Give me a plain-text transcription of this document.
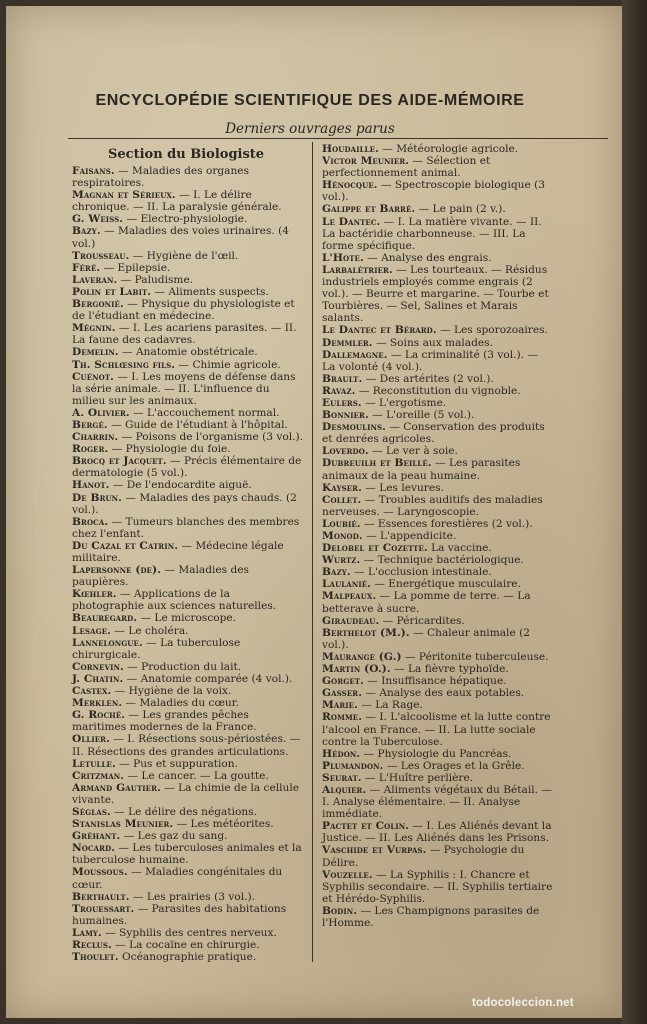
ENCYCLOPÉDIE SCIENTIFIQUE DES AIDE-MÉMOIRE
Derniers ouvrages parus
Section du Biologiste
Faisans. — Maladies des organes respiratoires.
Magnan et Sérieux. — I. Le délire chronique. — II. La paralysie générale.
G. Weiss. — Electro-physiologie.
Bazy. — Maladies des voies urinaires. (4 vol.)
Trousseau. — Hygiène de l'œil.
Féré. — Epilepsie.
Laveran. — Paludisme.
Polin et Labit. — Aliments suspects.
Bergonié. — Physique du physiologiste et de l'étudiant en médecine.
Mégnin. — I. Les acariens parasites. — II. La faune des cadavres.
Demelin. — Anatomie obstétricale.
Th. Schlœsing fils. — Chimie agricole.
Cuénot. — I. Les moyens de défense dans la série animale. — II. L'influence du milieu sur les animaux.
A. Olivier. — L'accouchement normal.
Bergé. — Guide de l'étudiant à l'hôpital.
Charrin. — Poisons de l'organisme (3 vol.).
Roger. — Physiologie du foie.
Brocq et Jacquet. — Précis élémentaire de dermatologie (5 vol.).
Hanot. — De l'endocardite aiguë.
De Brun. — Maladies des pays chauds. (2 vol.).
Broca. — Tumeurs blanches des membres chez l'enfant.
Du Cazal et Catrin. — Médecine légale militaire.
Lapersonne (de). — Maladies des paupières.
Kœhler. — Applications de la photographie aux sciences naturelles.
Beauregard. — Le microscope.
Lesage. — Le choléra.
Lannelongue. — La tuberculose chirurgicale.
Cornevin. — Production du lait.
J. Chatin. — Anatomie comparée (4 vol.).
Castex. — Hygiène de la voix.
Merklen. — Maladies du cœur.
G. Roché. — Les grandes pêches maritimes modernes de la France.
Ollier. — I. Résections sous-périostées. — II. Résections des grandes articulations.
Letulle. — Pus et suppuration.
Critzman. — Le cancer. — La goutte.
Armand Gautier. — La chimie de la cellule vivante.
Séglas. — Le délire des négations.
Stanislas Meunier. — Les météorites.
Gréhant. — Les gaz du sang.
Nocard. — Les tuberculoses animales et la tuberculose humaine.
Moussous. — Maladies congénitales du cœur.
Berthault. — Les prairies (3 vol.).
Trouessart. — Parasites des habitations humaines.
Lamy. — Syphilis des centres nerveux.
Reclus. — La cocaïne en chirurgie.
Thoulet. Océanographie pratique.
Houdaille. — Météorologie agricole.
Victor Meunier. — Sélection et perfectionnement animal.
Hénocque. — Spectroscopie biologique (3 vol.).
Galippe et Barré. — Le pain (2 v.).
Le Dantec. — I. La matière vivante. — II. La bactéridie charbonneuse. — III. La forme spécifique.
L'Hote. — Analyse des engrais.
Larbalétrier. — Les tourteaux. — Résidus industriels employés comme engrais (2 vol.). — Beurre et margarine. — Tourbe et Tourbières. — Sel, Salines et Marais salants.
Le Dantec et Bérard. — Les sporozoaires.
Demmler. — Soins aux malades.
Dallemagne. — La criminalité (3 vol.). — La volonté (4 vol.).
Brault. — Des artérites (2 vol.).
Ravaz. — Reconstitution du vignoble.
Eulers. — L'ergotisme.
Bonnier. — L'oreille (5 vol.).
Desmoulins. — Conservation des produits et denrées agricoles.
Loverdo. — Le ver à soie.
Dubreuilh et Beillé. — Les parasites animaux de la peau humaine.
Kayser. — Les levures.
Collet. — Troubles auditifs des maladies nerveuses. — Laryngoscopie.
Loubié. — Essences forestières (2 vol.).
Monod. — L'appendicite.
Delobel et Cozette. La vaccine.
Wurtz. — Technique bactériologique.
Bazy. — L'occlusion intestinale.
Laulanié. — Energétique musculaire.
Malpeaux. — La pomme de terre. — La betterave à sucre.
Giraudeau. — Péricardites.
Berthelot (M.). — Chaleur animale (2 vol.).
Maurange (G.) — Péritonite tuberculeuse.
Martin (O.). — La fièvre typhoïde.
Gorget. — Insuffisance hépatique.
Gasser. — Analyse des eaux potables.
Marie. — La Rage.
Romme. — I. L'alcoolisme et la lutte contre l'alcool en France. — II. La lutte sociale contre la Tuberculose.
Hédon. — Physiologie du Pancréas.
Plumandon. — Les Orages et la Grêle.
Seurat. — L'Huître perlière.
Alquier. — Aliments végétaux du Bétail. — I. Analyse élémentaire. — II. Analyse immédiate.
Pactet et Colin. — I. Les Aliénés devant la Justice. — II. Les Aliénés dans les Prisons.
Vaschide et Vurpas. — Psychologie du Délire.
Vouzelle. — La Syphilis : I. Chancre et Syphilis secondaire. — II. Syphilis tertiaire et Hérédo-Syphilis.
Bodin. — Les Champignons parasites de l'Homme.
todocoleccion.net
